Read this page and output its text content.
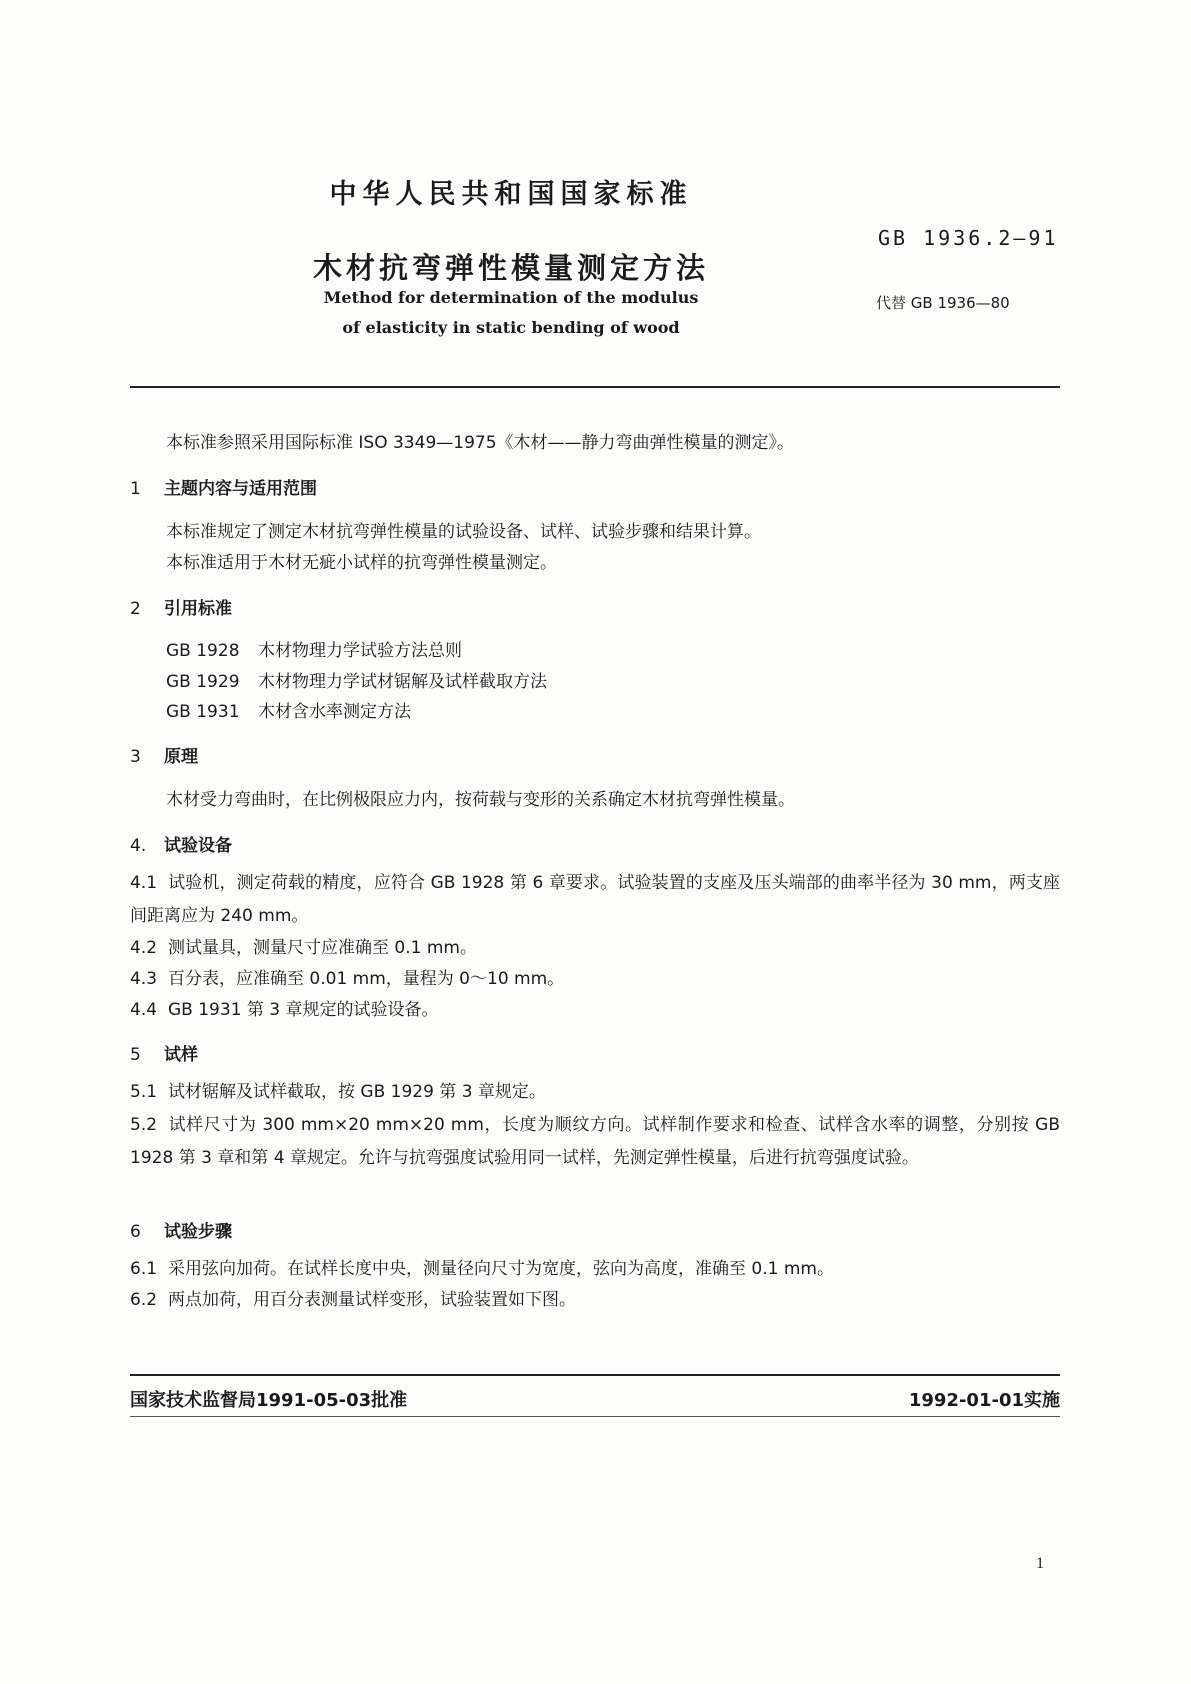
中华人民共和国国家标准
GB 1936.2—91
木材抗弯弹性模量测定方法
代替 GB 1936—80
Method for determination of the modulus
of elasticity in static bending of wood
本标准参照采用国际标准 ISO 3349—1975《木材——静力弯曲弹性模量的测定》。
1 主题内容与适用范围
本标准规定了测定木材抗弯弹性模量的试验设备、试样、试验步骤和结果计算。
本标准适用于木材无疵小试样的抗弯弹性模量测定。
2 引用标准
GB 1928 木材物理力学试验方法总则
GB 1929 木材物理力学试材锯解及试样截取方法
GB 1931 木材含水率测定方法
3 原理
木材受力弯曲时，在比例极限应力内，按荷载与变形的关系确定木材抗弯弹性模量。
4. 试验设备
4.1 试验机，测定荷载的精度，应符合 GB 1928 第 6 章要求。试验装置的支座及压头端部的曲率半径为 30 mm，两支座间距离应为 240 mm。
4.2 测试量具，测量尺寸应准确至 0.1 mm。
4.3 百分表，应准确至 0.01 mm，量程为 0～10 mm。
4.4 GB 1931 第 3 章规定的试验设备。
5 试样
5.1 试材锯解及试样截取，按 GB 1929 第 3 章规定。
5.2 试样尺寸为 300 mm×20 mm×20 mm，长度为顺纹方向。试样制作要求和检查、试样含水率的调整，分别按 GB 1928 第 3 章和第 4 章规定。允许与抗弯强度试验用同一试样，先测定弹性模量，后进行抗弯强度试验。
6 试验步骤
6.1 采用弦向加荷。在试样长度中央，测量径向尺寸为宽度，弦向为高度，准确至 0.1 mm。
6.2 两点加荷，用百分表测量试样变形，试验装置如下图。
国家技术监督局1991-05-03批准	1992-01-01实施
1
